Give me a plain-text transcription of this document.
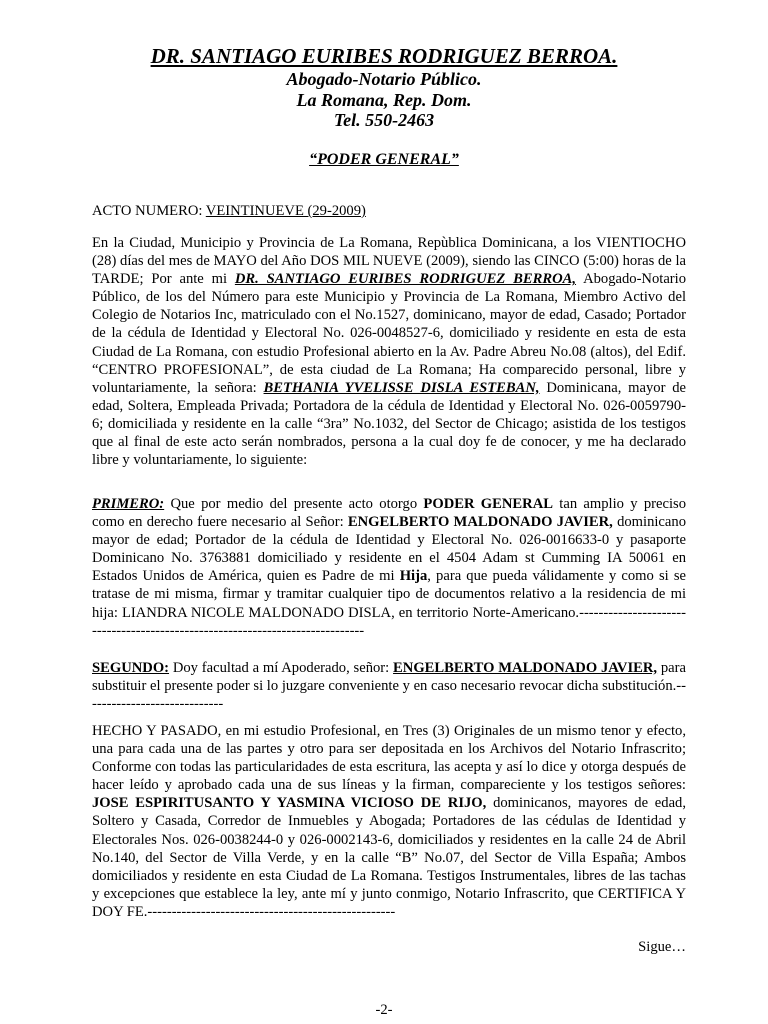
DR. SANTIAGO EURIBES RODRIGUEZ BERROA.
Abogado-Notario Público.
La Romana, Rep. Dom.
Tel. 550-2463
“PODER GENERAL”
ACTO NUMERO: VEINTINUEVE (29-2009)
En la Ciudad, Municipio y Provincia de La Romana, Repùblica Dominicana, a los VIENTIOCHO (28) días del mes de MAYO del Año DOS MIL NUEVE (2009), siendo las CINCO (5:00) horas de la TARDE; Por ante mi DR. SANTIAGO EURIBES RODRIGUEZ BERROA, Abogado-Notario Público, de los del Número para este Municipio y Provincia de La Romana, Miembro Activo del Colegio de Notarios Inc, matriculado con el No.1527, dominicano, mayor de edad, Casado; Portador de la cédula de Identidad y Electoral No. 026-0048527-6, domiciliado y residente en esta de esta Ciudad de La Romana, con estudio Profesional abierto en la Av. Padre Abreu No.08 (altos), del Edif. “CENTRO PROFESIONAL”, de esta ciudad de La Romana; Ha comparecido personal, libre y voluntariamente, la señora: BETHANIA YVELISSE DISLA ESTEBAN, Dominicana, mayor de edad, Soltera, Empleada Privada; Portadora de la cédula de Identidad y Electoral No. 026-0059790-6; domiciliada y residente en la calle “3ra” No.1032, del Sector de Chicago; asistida de los testigos que al final de este acto serán nombrados, persona a la cual doy fe de conocer, y me ha declarado libre y voluntariamente, lo siguiente:
PRIMERO: Que por medio del presente acto otorgo PODER GENERAL tan amplio y preciso como en derecho fuere necesario al Señor: ENGELBERTO MALDONADO JAVIER, dominicano mayor de edad; Portador de la cédula de Identidad y Electoral No. 026-0016633-0 y pasaporte Dominicano No. 3763881 domiciliado y residente en el 4504 Adam st Cumming IA 50061 en Estados Unidos de América, quien es Padre de mi Hija, para que pueda válidamente y como si se tratase de mi misma, firmar y tramitar cualquier tipo de documentos relativo a la residencia de mi hija: LIANDRA NICOLE MALDONADO DISLA, en territorio Norte-Americano.------------------------------------------------------------------------------
SEGUNDO: Doy facultad a mí Apoderado, señor: ENGELBERTO MALDONADO JAVIER, para substituir el presente poder si lo juzgare conveniente y en caso necesario revocar dicha substitución.-----------------------------
HECHO Y PASADO, en mi estudio Profesional, en Tres (3) Originales de un mismo tenor y efecto, una para cada una de las partes y otro para ser depositada en los Archivos del Notario Infrascrito; Conforme con todas las particularidades de esta escritura, las acepta y así lo dice y otorga después de hacer leído y aprobado cada una de sus líneas y la firman, compareciente y los testigos señores: JOSE ESPIRITUSANTO Y YASMINA VICIOSO DE RIJO, dominicanos, mayores de edad, Soltero y Casada, Corredor de Inmuebles y Abogada; Portadores de las cédulas de Identidad y Electorales Nos. 026-0038244-0 y 026-0002143-6, domiciliados y residentes en la calle 24 de Abril No.140, del Sector de Villa Verde, y en la calle “B” No.07, del Sector de Villa España; Ambos domiciliados y residente en esta Ciudad de La Romana. Testigos Instrumentales, libres de las tachas y excepciones que establece la ley, ante mí y junto conmigo, Notario Infrascrito, que CERTIFICA Y DOY FE.---------------------------------------------------
Sigue…
-2-
